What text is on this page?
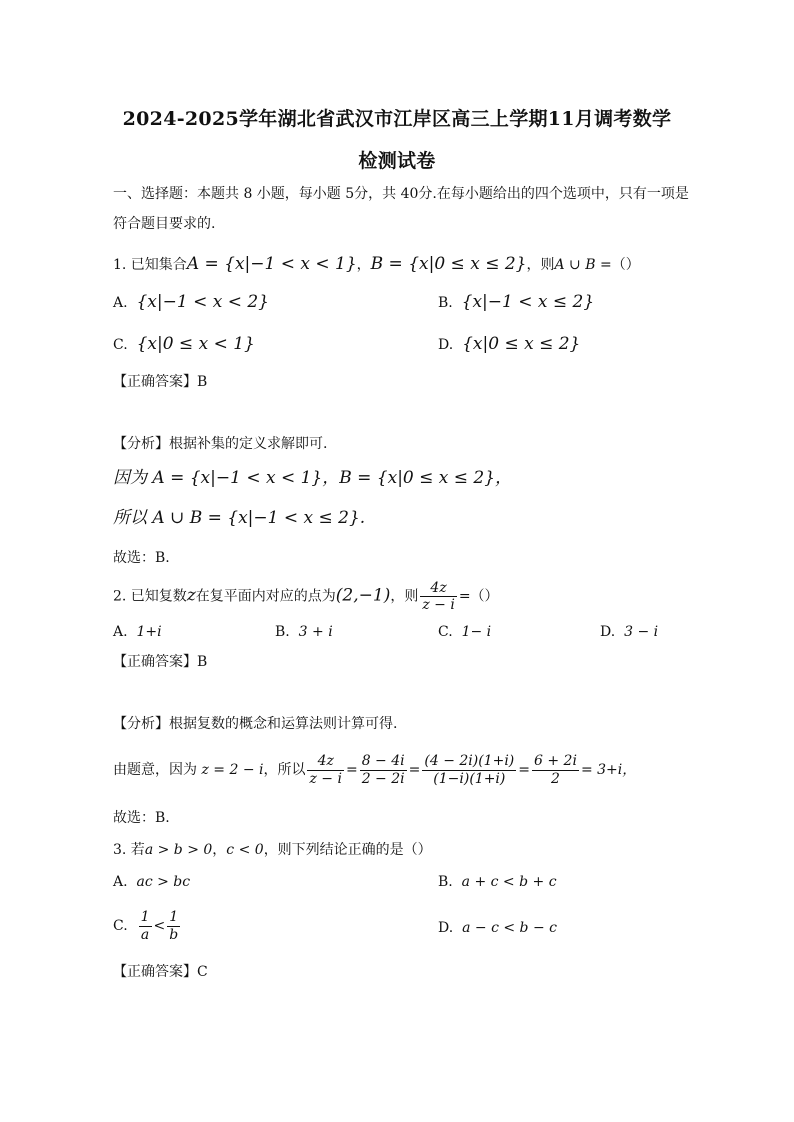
2024-2025学年湖北省武汉市江岸区高三上学期11月调考数学
检测试卷
一、选择题：本题共 8 小题，每小题 5分，共 40分.在每小题给出的四个选项中，只有一项是
符合题目要求的.
1. 已知集合A = {x|−1 < x < 1}，B = {x|0 ≤ x ≤ 2}，则A ∪ B =（）
A. {x|−1 < x < 2}	B. {x|−1 < x ≤ 2}
C. {x|0 ≤ x < 1}	D. {x|0 ≤ x ≤ 2}
【正确答案】B
【分析】根据补集的定义求解即可.
因为 A = {x|−1 < x < 1}，B = {x|0 ≤ x ≤ 2}，
所以 A ∪ B = {x|−1 < x ≤ 2}.
故选：B.
2. 已知复数z在复平面内对应的点为(2,−1)，则 $\frac{4z}{z - i}$ =（）
A. 1+i	B. 3 + i	C. 1− i	D. 3 − i
【正确答案】B
【分析】根据复数的概念和运算法则计算可得.
由题意，因为 z = 2 − i，所以 $\frac{4z}{z - i} = \frac{8 - 4i}{2 - 2i} = \frac{(4 - 2i)(1+i)}{(1-i)(1+i)} = \frac{6 + 2i}{2} = 3+i$，
故选：B.
3. 若a > b > 0，c < 0，则下列结论正确的是（）
A. ac > bc	B. a + c < b + c
C. $\frac{1}{a} < \frac{1}{b}$	D. a − c < b − c
【正确答案】C
